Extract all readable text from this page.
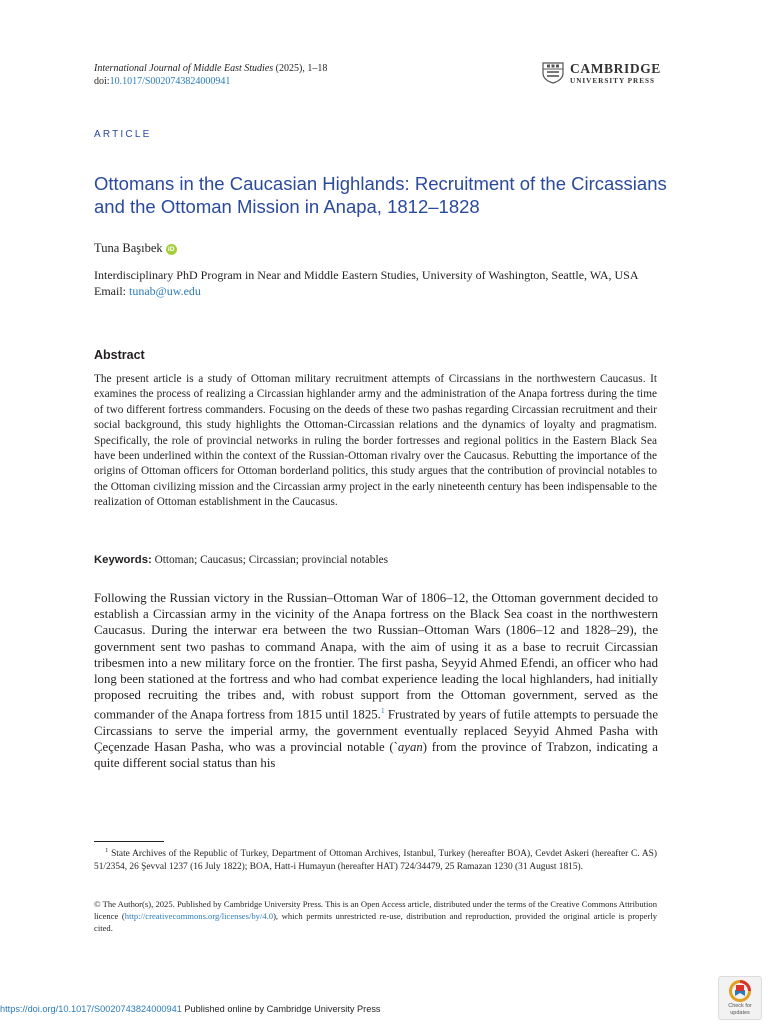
International Journal of Middle East Studies (2025), 1–18
doi:10.1017/S0020743824000941
CAMBRIDGE
UNIVERSITY PRESS
ARTICLE
Ottomans in the Caucasian Highlands: Recruitment of the Circassians and the Ottoman Mission in Anapa, 1812–1828
Tuna Başıbek iD
Interdisciplinary PhD Program in Near and Middle Eastern Studies, University of Washington, Seattle, WA, USA
Email: tunab@uw.edu
Abstract
The present article is a study of Ottoman military recruitment attempts of Circassians in the northwestern Caucasus. It examines the process of realizing a Circassian highlander army and the administration of the Anapa fortress during the time of two different fortress commanders. Focusing on the deeds of these two pashas regarding Circassian recruitment and their social background, this study highlights the Ottoman-Circassian relations and the dynamics of loyalty and pragmatism. Specifically, the role of provincial networks in ruling the border fortresses and regional politics in the Eastern Black Sea have been underlined within the context of the Russian-Ottoman rivalry over the Caucasus. Rebutting the importance of the origins of Ottoman officers for Ottoman borderland politics, this study argues that the contribution of provincial notables to the Ottoman civilizing mission and the Circassian army project in the early nineteenth century has been indispensable to the realization of Ottoman establishment in the Caucasus.
Keywords: Ottoman; Caucasus; Circassian; provincial notables
Following the Russian victory in the Russian–Ottoman War of 1806–12, the Ottoman government decided to establish a Circassian army in the vicinity of the Anapa fortress on the Black Sea coast in the northwestern Caucasus. During the interwar era between the two Russian–Ottoman Wars (1806–12 and 1828–29), the government sent two pashas to command Anapa, with the aim of using it as a base to recruit Circassian tribesmen into a new military force on the frontier. The first pasha, Seyyid Ahmed Efendi, an officer who had long been stationed at the fortress and who had combat experience leading the local highlanders, had initially proposed recruiting the tribes and, with robust support from the Ottoman government, served as the commander of the Anapa fortress from 1815 until 1825.$^1$ Frustrated by years of futile attempts to persuade the Circassians to serve the imperial army, the government eventually replaced Seyyid Ahmed Pasha with Çeçenzade Hasan Pasha, who was a provincial notable (`ayan) from the province of Trabzon, indicating a quite different social status than his
$^1$ State Archives of the Republic of Turkey, Department of Ottoman Archives, Istanbul, Turkey (hereafter BOA), Cevdet Askeri (hereafter C. AS) 51/2354, 26 Şevval 1237 (16 July 1822); BOA, Hatt-i Humayun (hereafter HAT) 724/34479, 25 Ramazan 1230 (31 August 1815).
© The Author(s), 2025. Published by Cambridge University Press. This is an Open Access article, distributed under the terms of the Creative Commons Attribution licence (http://creativecommons.org/licenses/by/4.0), which permits unrestricted re-use, distribution and reproduction, provided the original article is properly cited.
https://doi.org/10.1017/S0020743824000941 Published online by Cambridge University Press	Check for
updates
